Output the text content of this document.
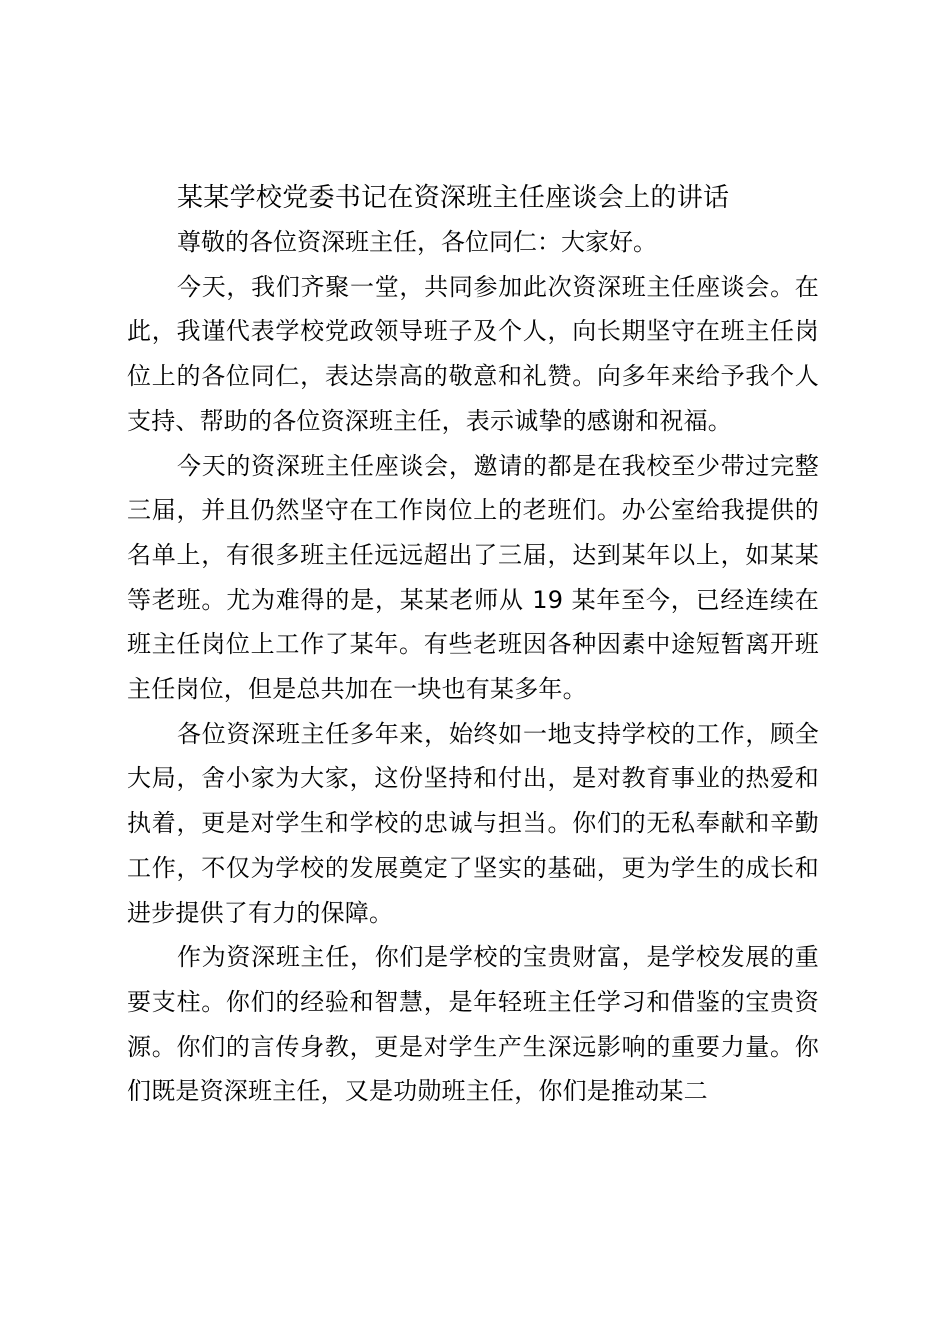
某某学校党委书记在资深班主任座谈会上的讲话

尊敬的各位资深班主任，各位同仁：大家好。

今天，我们齐聚一堂，共同参加此次资深班主任座谈会。在此，我谨代表学校党政领导班子及个人，向长期坚守在班主任岗位上的各位同仁，表达崇高的敬意和礼赞。向多年来给予我个人支持、帮助的各位资深班主任，表示诚挚的感谢和祝福。

今天的资深班主任座谈会，邀请的都是在我校至少带过完整三届，并且仍然坚守在工作岗位上的老班们。办公室给我提供的名单上，有很多班主任远远超出了三届，达到某年以上，如某某等老班。尤为难得的是，某某老师从 19 某年至今，已经连续在班主任岗位上工作了某年。有些老班因各种因素中途短暂离开班主任岗位，但是总共加在一块也有某多年。

各位资深班主任多年来，始终如一地支持学校的工作，顾全大局，舍小家为大家，这份坚持和付出，是对教育事业的热爱和执着，更是对学生和学校的忠诚与担当。你们的无私奉献和辛勤工作，不仅为学校的发展奠定了坚实的基础，更为学生的成长和进步提供了有力的保障。

作为资深班主任，你们是学校的宝贵财富，是学校发展的重要支柱。你们的经验和智慧，是年轻班主任学习和借鉴的宝贵资源。你们的言传身教，更是对学生产生深远影响的重要力量。你们既是资深班主任，又是功勋班主任，你们是推动某二
